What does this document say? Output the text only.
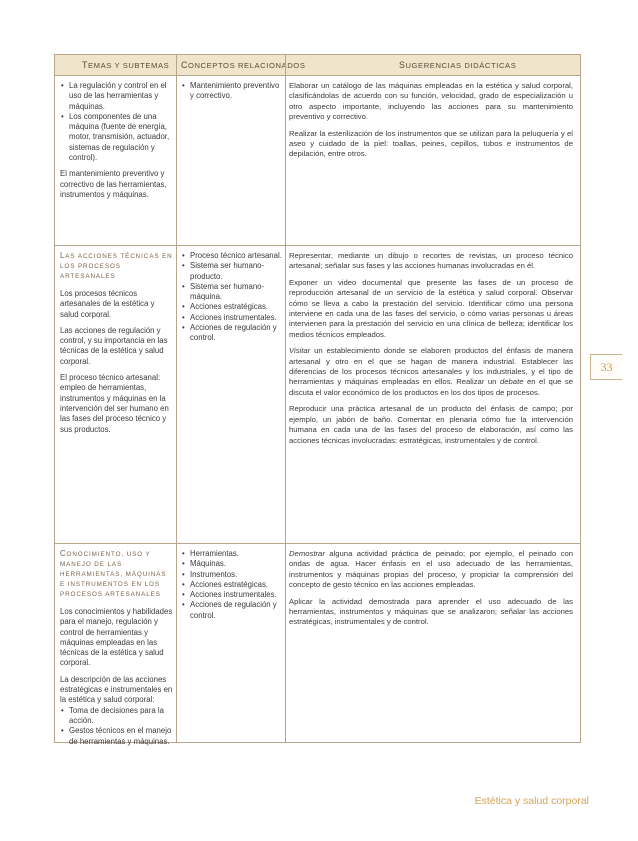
TEMAS Y SUBTEMAS CONCEPTOS RELACIONADOS	SUGERENCIAS DIDÁCTICAS
• La regulación y control en el uso de las herramientas y máquinas.
• Los componentes de una máquina (fuente de energía, motor, transmisión, actuador, sistemas de regulación y control).

El mantenimiento preventivo y correctivo de las herramientas, instrumentos y máquinas.

• Mantenimiento preventivo y correctivo.

Elaborar un catálogo de las máquinas empleadas en la estética y salud corporal, clasificándolas de acuerdo con su función, velocidad, grado de especialización u otro aspecto importante, incluyendo las acciones para su mantenimiento preventivo y correctivo.

Realizar la esterilización de los instrumentos que se utilizan para la peluquería y el aseo y cuidado de la piel: toallas, peines, cepillos, tubos e instrumentos de depilación, entre otros.

LAS ACCIONES TÉCNICAS EN LOS PROCESOS ARTESANALES

Los procesos técnicos artesanales de la estética y salud corporal.

Las acciones de regulación y control, y su importancia en las técnicas de la estética y salud corporal.

El proceso técnico artesanal: empleo de herramientas, instrumentos y máquinas en la intervención del ser humano en las fases del proceso técnico y sus productos.

• Proceso técnico artesanal.
• Sistema ser humano-producto.
• Sistema ser humano-máquina.
• Acciones estratégicas.
• Acciones instrumentales.
• Acciones de regulación y control.

Representar, mediante un dibujo o recortes de revistas, un proceso técnico artesanal; señalar sus fases y las acciones humanas involucradas en él.

Exponer un video documental que presente las fases de un proceso de reproducción artesanal de un servicio de la estética y salud corporal. Observar cómo se lleva a cabo la prestación del servicio. Identificar cómo una persona interviene en cada una de las fases del servicio, o cómo varias personas u áreas intervienen para la prestación del servicio en una clínica de belleza; identificar los medios técnicos empleados.

Visitar un establecimiento donde se elaboren productos del énfasis de manera artesanal y otro en el que se hagan de manera industrial. Establecer las diferencias de los procesos técnicos artesanales y los industriales, y el tipo de herramientas y máquinas empleadas en ellos. Realizar un debate en el que se discuta el valor económico de los productos en los dos tipos de procesos.

Reproducir una práctica artesanal de un producto del énfasis de campo; por ejemplo, un jabón de baño. Comentar en plenaria cómo fue la intervención humana en cada una de las fases del proceso de elaboración, así como las acciones técnicas involucradas: estratégicas, instrumentales y de control.

CONOCIMIENTO, USO Y MANEJO DE LAS HERRAMIENTAS, MÁQUINAS E INSTRUMENTOS EN LOS PROCESOS ARTESANALES

Los conocimientos y habilidades para el manejo, regulación y control de herramientas y máquinas empleadas en las técnicas de la estética y salud corporal.

La descripción de las acciones estratégicas e instrumentales en la estética y salud corporal:

• Toma de decisiones para la acción.
• Gestos técnicos en el manejo de herramientas y máquinas.
• Herramientas.
• Máquinas.
• Instrumentos.
• Acciones estratégicas.
• Acciones instrumentales.
• Acciones de regulación y control.

Demostrar alguna actividad práctica de peinado; por ejemplo, el peinado con ondas de agua. Hacer énfasis en el uso adecuado de las herramientas, instrumentos y máquinas propias del proceso, y propiciar la comprensión del concepto de gesto técnico en las acciones empleadas.

Aplicar la actividad demostrada para aprender el uso adecuado de las herramientas, instrumentos y máquinas que se analizaron; señalar las acciones estratégicas, instrumentales y de control.

33
Estética y salud corporal
